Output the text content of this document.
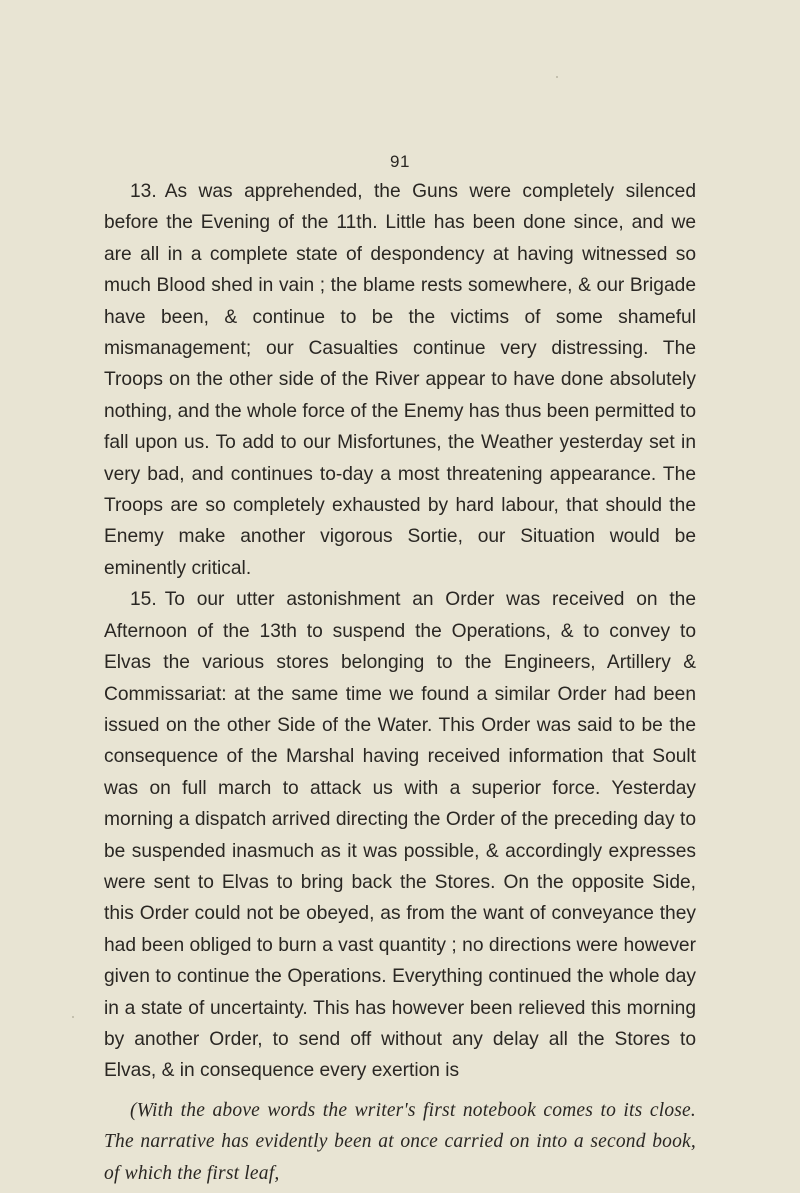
91

13. As was apprehended, the Guns were completely silenced before the Evening of the 11th. Little has been done since, and we are all in a complete state of despondency at having witnessed so much Blood shed in vain ; the blame rests somewhere, & our Brigade have been, & continue to be the victims of some shameful mismanagement; our Casualties continue very distressing. The Troops on the other side of the River appear to have done absolutely nothing, and the whole force of the Enemy has thus been permitted to fall upon us. To add to our Misfortunes, the Weather yesterday set in very bad, and continues to-day a most threatening appearance. The Troops are so completely exhausted by hard labour, that should the Enemy make another vigorous Sortie, our Situation would be eminently critical.

15. To our utter astonishment an Order was received on the Afternoon of the 13th to suspend the Operations, & to convey to Elvas the various stores belonging to the Engineers, Artillery & Commissariat: at the same time we found a similar Order had been issued on the other Side of the Water. This Order was said to be the consequence of the Marshal having received information that Soult was on full march to attack us with a superior force. Yesterday morning a dispatch arrived directing the Order of the preceding day to be suspended inasmuch as it was possible, & accordingly expresses were sent to Elvas to bring back the Stores. On the opposite Side, this Order could not be obeyed, as from the want of conveyance they had been obliged to burn a vast quantity ; no directions were however given to continue the Operations. Everything continued the whole day in a state of uncertainty. This has however been relieved this morning by another Order, to send off without any delay all the Stores to Elvas, & in consequence every exertion is

(With the above words the writer's first notebook comes to its close. The narrative has evidently been at once carried on into a second book, of which the first leaf,
